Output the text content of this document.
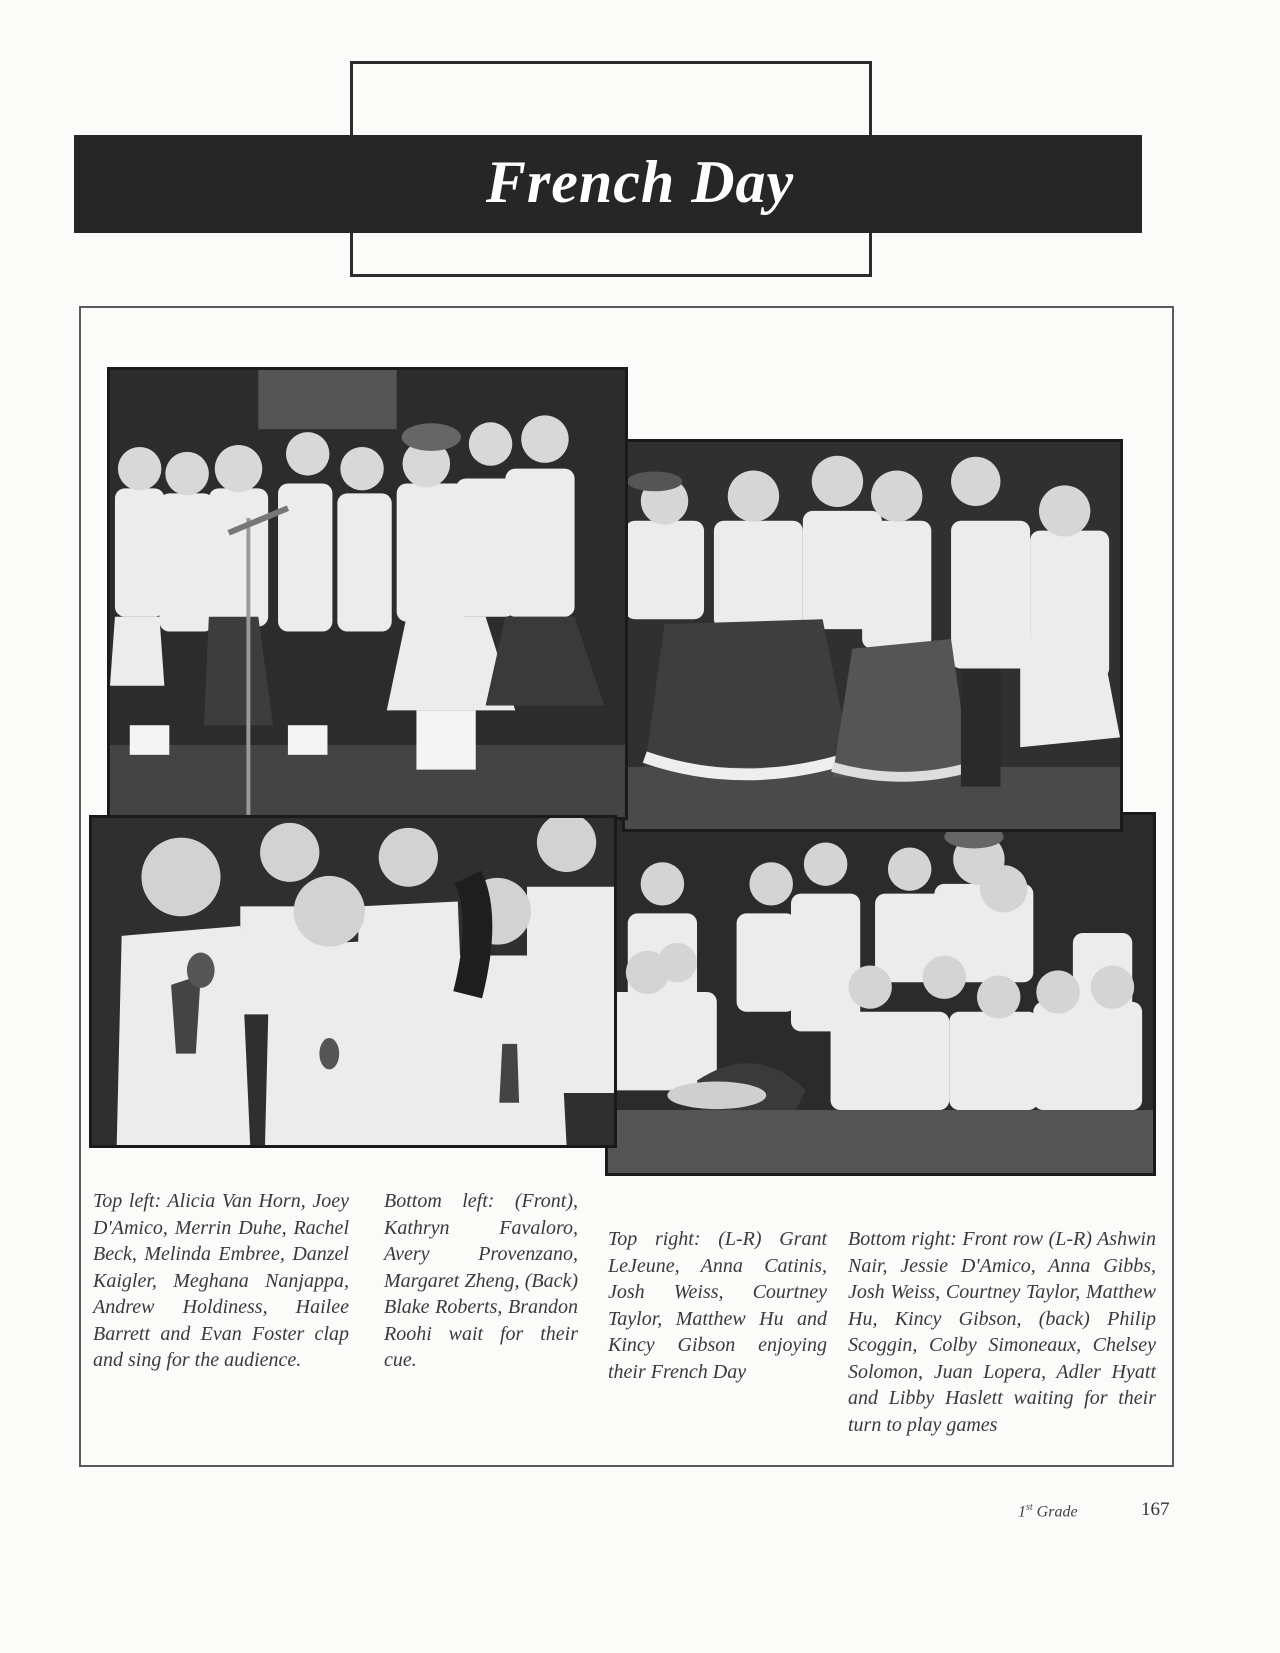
French Day

Top left: Alicia Van Horn, Joey D'Amico, Merrin Duhe, Rachel Beck, Melinda Embree, Danzel Kaigler, Meghana Nanjappa, Andrew Holdiness, Hailee Barrett and Evan Foster clap and sing for the audience.

Bottom left: (Front), Kathryn Favaloro, Avery Provenzano, Margaret Zheng, (Back) Blake Roberts, Brandon Roohi wait for their cue.

Top right: (L-R) Grant LeJeune, Anna Catinis, Josh Weiss, Courtney Taylor, Matthew Hu and Kincy Gibson enjoying their French Day

Bottom right: Front row (L-R) Ashwin Nair, Jessie D'Amico, Anna Gibbs, Josh Weiss, Courtney Taylor, Matthew Hu, Kincy Gibson, (back) Philip Scoggin, Colby Simoneaux, Chelsey Solomon, Juan Lopera, Adler Hyatt and Libby Haslett waiting for their turn to play games

1st Grade	167
